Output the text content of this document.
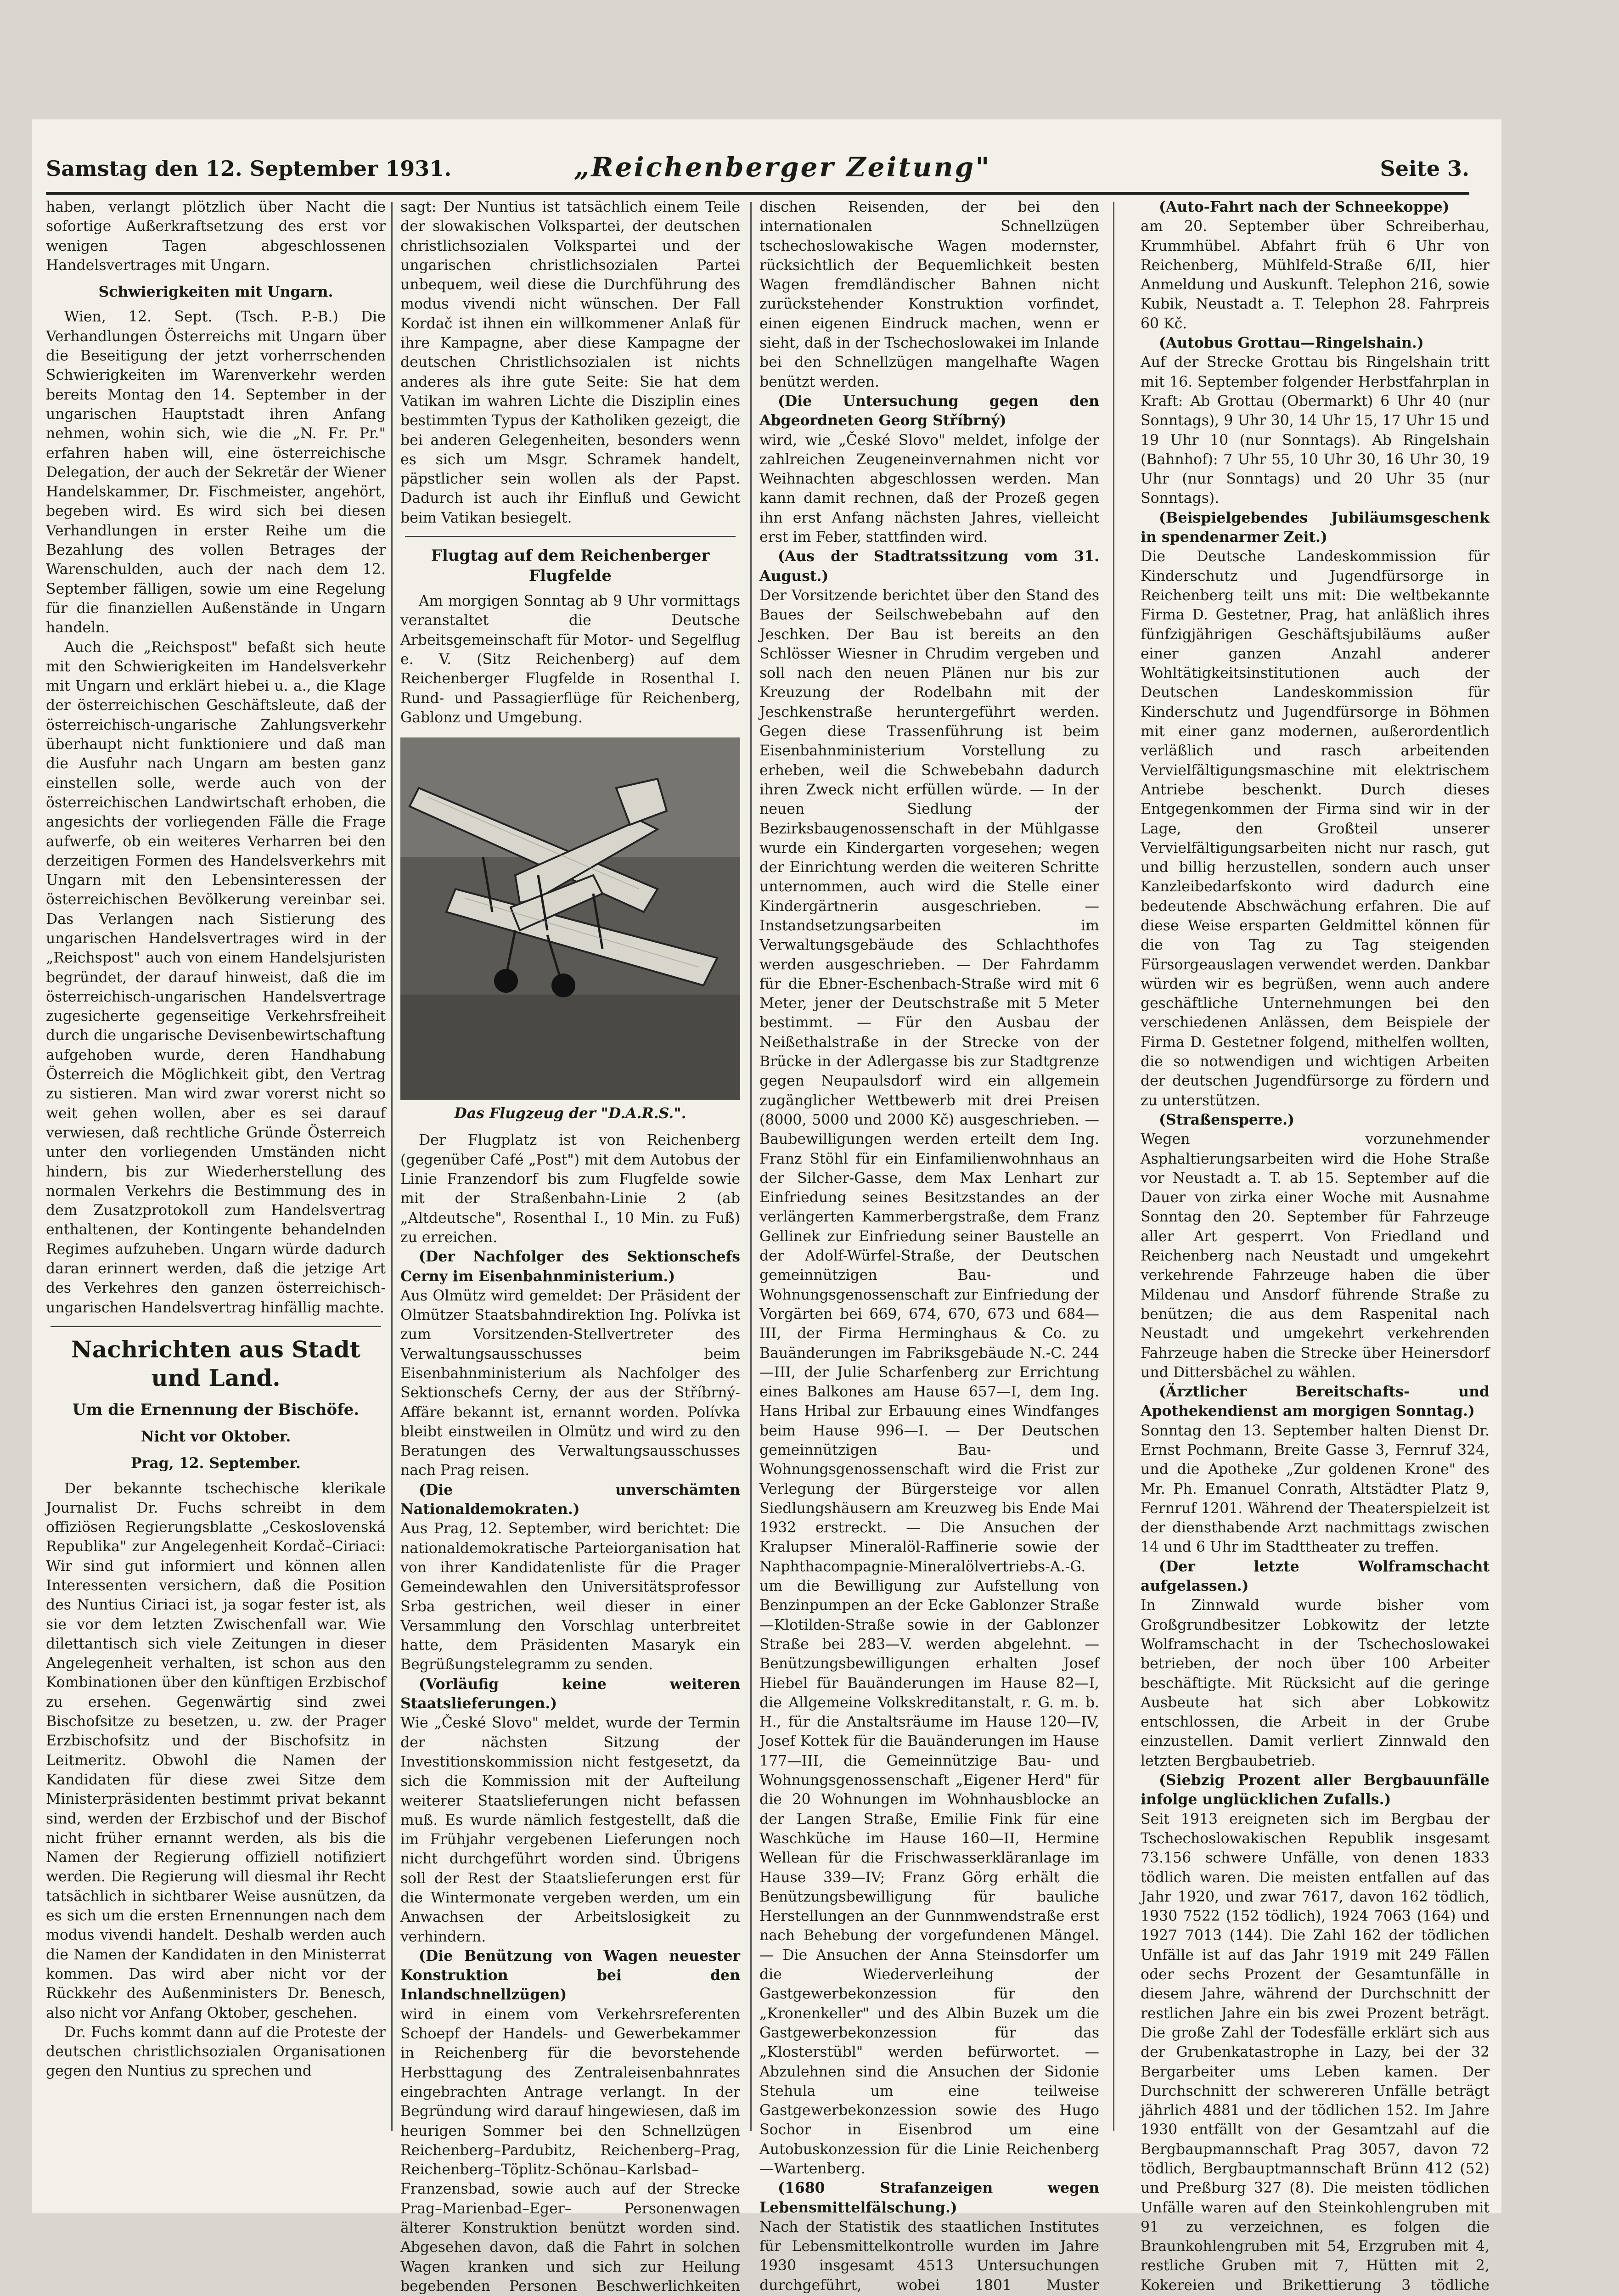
Samstag den 12. September 1931.	„Reichenberger Zeitung"	Seite 3.

haben, verlangt plötzlich über Nacht die sofortige Außerkraftsetzung des erst vor wenigen Tagen abgeschlossenen Handelsvertrages mit Ungarn.

Schwierigkeiten mit Ungarn.

Wien, 12. Sept. (Tsch. P.-B.) Die Verhandlungen Österreichs mit Ungarn über die Beseitigung der jetzt vorherrschenden Schwierigkeiten im Warenverkehr werden bereits Montag den 14. September in der ungarischen Hauptstadt ihren Anfang nehmen, wohin sich, wie die „N. Fr. Pr." erfahren haben will, eine österreichische Delegation, der auch der Sekretär der Wiener Handelskammer, Dr. Fischmeister, angehört, begeben wird. Es wird sich bei diesen Verhandlungen in erster Reihe um die Bezahlung des vollen Betrages der Warenschulden, auch der nach dem 12. September fälligen, sowie um eine Regelung für die finanziellen Außenstände in Ungarn handeln.

Auch die „Reichspost" befaßt sich heute mit den Schwierigkeiten im Handelsverkehr mit Ungarn und erklärt hiebei u. a., die Klage der österreichischen Geschäftsleute, daß der österreichisch-ungarische Zahlungsverkehr überhaupt nicht funktioniere und daß man die Ausfuhr nach Ungarn am besten ganz einstellen solle, werde auch von der österreichischen Landwirtschaft erhoben, die angesichts der vorliegenden Fälle die Frage aufwerfe, ob ein weiteres Verharren bei den derzeitigen Formen des Handelsverkehrs mit Ungarn mit den Lebensinteressen der österreichischen Bevölkerung vereinbar sei. Das Verlangen nach Sistierung des ungarischen Handelsvertrages wird in der „Reichspost" auch von einem Handelsjuristen begründet, der darauf hinweist, daß die im österreichisch-ungarischen Handelsvertrage zugesicherte gegenseitige Verkehrsfreiheit durch die ungarische Devisenbewirtschaftung aufgehoben wurde, deren Handhabung Österreich die Möglichkeit gibt, den Vertrag zu sistieren. Man wird zwar vorerst nicht so weit gehen wollen, aber es sei darauf verwiesen, daß rechtliche Gründe Österreich unter den vorliegenden Umständen nicht hindern, bis zur Wiederherstellung des normalen Verkehrs die Bestimmung des in dem Zusatzprotokoll zum Handelsvertrag enthaltenen, der Kontingente behandelnden Regimes aufzuheben. Ungarn würde dadurch daran erinnert werden, daß die jetzige Art des Verkehres den ganzen österreichisch-ungarischen Handelsvertrag hinfällig machte.

Nachrichten aus Stadt und Land.
Um die Ernennung der Bischöfe.
Nicht vor Oktober.
Prag, 12. September.

Der bekannte tschechische klerikale Journalist Dr. Fuchs schreibt in dem offiziösen Regierungsblatte „Ceskoslovenská Republika" zur Angelegenheit Kordač–Ciriaci: Wir sind gut informiert und können allen Interessenten versichern, daß die Position des Nuntius Ciriaci ist, ja sogar fester ist, als sie vor dem letzten Zwischenfall war. Wie dilettantisch sich viele Zeitungen in dieser Angelegenheit verhalten, ist schon aus den Kombinationen über den künftigen Erzbischof zu ersehen. Gegenwärtig sind zwei Bischofsitze zu besetzen, u. zw. der Prager Erzbischofsitz und der Bischofsitz in Leitmeritz. Obwohl die Namen der Kandidaten für diese zwei Sitze dem Ministerpräsidenten bestimmt privat bekannt sind, werden der Erzbischof und der Bischof nicht früher ernannt werden, als bis die Namen der Regierung offiziell notifiziert werden. Die Regierung will diesmal ihr Recht tatsächlich in sichtbarer Weise ausnützen, da es sich um die ersten Ernennungen nach dem modus vivendi handelt. Deshalb werden auch die Namen der Kandidaten in den Ministerrat kommen. Das wird aber nicht vor der Rückkehr des Außenministers Dr. Benesch, also nicht vor Anfang Oktober, geschehen.

Dr. Fuchs kommt dann auf die Proteste der deutschen christlichsozialen Organisationen gegen den Nuntius zu sprechen und

sagt: Der Nuntius ist tatsächlich einem Teile der slowakischen Volkspartei, der deutschen christlichsozialen Volkspartei und der ungarischen christlichsozialen Partei unbequem, weil diese die Durchführung des modus vivendi nicht wünschen. Der Fall Kordač ist ihnen ein willkommener Anlaß für ihre Kampagne, aber diese Kampagne der deutschen Christlichsozialen ist nichts anderes als ihre gute Seite: Sie hat dem Vatikan im wahren Lichte die Disziplin eines bestimmten Typus der Katholiken gezeigt, die bei anderen Gelegenheiten, besonders wenn es sich um Msgr. Schramek handelt, päpstlicher sein wollen als der Papst. Dadurch ist auch ihr Einfluß und Gewicht beim Vatikan besiegelt.

Flugtag auf dem Reichenberger Flugfelde

Am morgigen Sonntag ab 9 Uhr vormittags veranstaltet die Deutsche Arbeitsgemeinschaft für Motor- und Segelflug e. V. (Sitz Reichenberg) auf dem Reichenberger Flugfelde in Rosenthal I. Rund- und Passagierflüge für Reichenberg, Gablonz und Umgebung.

Das Flugzeug der "D.A.R.S.".

Der Flugplatz ist von Reichenberg (gegenüber Café „Post") mit dem Autobus der Linie Franzendorf bis zum Flugfelde sowie mit der Straßenbahn-Linie 2 (ab „Altdeutsche", Rosenthal I., 10 Min. zu Fuß) zu erreichen.

(Der Nachfolger des Sektionschefs Cerny im Eisenbahnministerium.)

Aus Olmütz wird gemeldet: Der Präsident der Olmützer Staatsbahndirektion Ing. Polívka ist zum Vorsitzenden-Stellvertreter des Verwaltungsausschusses beim Eisenbahnministerium als Nachfolger des Sektionschefs Cerny, der aus der Stříbrný-Affäre bekannt ist, ernannt worden. Polívka bleibt einstweilen in Olmütz und wird zu den Beratungen des Verwaltungsausschusses nach Prag reisen.

(Die unverschämten Nationaldemokraten.)

Aus Prag, 12. September, wird berichtet: Die nationaldemokratische Parteiorganisation hat von ihrer Kandidatenliste für die Prager Gemeindewahlen den Universitätsprofessor Srba gestrichen, weil dieser in einer Versammlung den Vorschlag unterbreitet hatte, dem Präsidenten Masaryk ein Begrüßungstelegramm zu senden.

(Vorläufig keine weiteren Staatslieferungen.)

Wie „České Slovo" meldet, wurde der Termin der nächsten Sitzung der Investitionskommission nicht festgesetzt, da sich die Kommission mit der Aufteilung weiterer Staatslieferungen nicht befassen muß. Es wurde nämlich festgestellt, daß die im Frühjahr vergebenen Lieferungen noch nicht durchgeführt worden sind. Übrigens soll der Rest der Staatslieferungen erst für die Wintermonate vergeben werden, um ein Anwachsen der Arbeitslosigkeit zu verhindern.

(Die Benützung von Wagen neuester Konstruktion bei den Inlandschnellzügen)

wird in einem vom Verkehrsreferenten Schoepf der Handels- und Gewerbekammer in Reichenberg für die bevorstehende Herbsttagung des Zentraleisenbahnrates eingebrachten Antrage verlangt. In der Begründung wird darauf hingewiesen, daß im heurigen Sommer bei den Schnellzügen Reichenberg–Pardubitz, Reichenberg–Prag, Reichenberg–Töplitz-Schönau–Karlsbad–Franzensbad, sowie auch auf der Strecke Prag–Marienbad–Eger– Personenwagen älterer Konstruktion benützt worden sind. Abgesehen davon, daß die Fahrt in solchen Wagen kranken und sich zur Heilung begebenden Personen Beschwerlichkeiten

dischen Reisenden, der bei den internationalen Schnellzügen tschechoslowakische Wagen modernster, rücksichtlich der Bequemlichkeit besten Wagen fremdländischer Bahnen nicht zurückstehender Konstruktion vorfindet, einen eigenen Eindruck machen, wenn er sieht, daß in der Tschechoslowakei im Inlande bei den Schnellzügen mangelhafte Wagen benützt werden.

(Die Untersuchung gegen den Abgeordneten Georg Stříbrný)

wird, wie „České Slovo" meldet, infolge der zahlreichen Zeugeneinvernahmen nicht vor Weihnachten abgeschlossen werden. Man kann damit rechnen, daß der Prozeß gegen ihn erst Anfang nächsten Jahres, vielleicht erst im Feber, stattfinden wird.

(Aus der Stadtratssitzung vom 31. August.)

Der Vorsitzende berichtet über den Stand des Baues der Seilschwebebahn auf den Jeschken. Der Bau ist bereits an den Schlösser Wiesner in Chrudim vergeben und soll nach den neuen Plänen nur bis zur Kreuzung der Rodelbahn mit der Jeschkenstraße heruntergeführt werden. Gegen diese Trassenführung ist beim Eisenbahnministerium Vorstellung zu erheben, weil die Schwebebahn dadurch ihren Zweck nicht erfüllen würde. — In der neuen Siedlung der Bezirksbaugenossenschaft in der Mühlgasse wurde ein Kindergarten vorgesehen; wegen der Einrichtung werden die weiteren Schritte unternommen, auch wird die Stelle einer Kindergärtnerin ausgeschrieben. — Instandsetzungsarbeiten im Verwaltungsgebäude des Schlachthofes werden ausgeschrieben. — Der Fahrdamm für die Ebner-Eschenbach-Straße wird mit 6 Meter, jener der Deutschstraße mit 5 Meter bestimmt. — Für den Ausbau der Neißethalstraße in der Strecke von der Brücke in der Adlergasse bis zur Stadtgrenze gegen Neupaulsdorf wird ein allgemein zugänglicher Wettbewerb mit drei Preisen (8000, 5000 und 2000 Kč) ausgeschrieben. — Baubewilligungen werden erteilt dem Ing. Franz Stöhl für ein Einfamilienwohnhaus an der Silcher-Gasse, dem Max Lenhart zur Einfriedung seines Besitzstandes an der verlängerten Kammerbergstraße, dem Franz Gellinek zur Einfriedung seiner Baustelle an der Adolf-Würfel-Straße, der Deutschen gemeinnützigen Bau- und Wohnungsgenossenschaft zur Einfriedung der Vorgärten bei 669, 674, 670, 673 und 684—III, der Firma Herminghaus & Co. zu Bauänderungen im Fabriksgebäude N.-C. 244—III, der Julie Scharfenberg zur Errichtung eines Balkones am Hause 657—I, dem Ing. Hans Hribal zur Erbauung eines Windfanges beim Hause 996—I. — Der Deutschen gemeinnützigen Bau- und Wohnungsgenossenschaft wird die Frist zur Verlegung der Bürgersteige vor allen Siedlungshäusern am Kreuzweg bis Ende Mai 1932 erstreckt. — Die Ansuchen der Kralupser Mineralöl-Raffinerie sowie der Naphthacompagnie-Mineralölvertriebs-A.-G. um die Bewilligung zur Aufstellung von Benzinpumpen an der Ecke Gablonzer Straße—Klotilden-Straße sowie in der Gablonzer Straße bei 283—V. werden abgelehnt. — Benützungsbewilligungen erhalten Josef Hiebel für Bauänderungen im Hause 82—I, die Allgemeine Volkskreditanstalt, r. G. m. b. H., für die Anstaltsräume im Hause 120—IV, Josef Kottek für die Bauänderungen im Hause 177—III, die Gemeinnützige Bau- und Wohnungsgenossenschaft „Eigener Herd" für die 20 Wohnungen im Wohnhausblocke an der Langen Straße, Emilie Fink für eine Waschküche im Hause 160—II, Hermine Wellean für die Frischwasserkläranlage im Hause 339—IV; Franz Görg erhält die Benützungsbewilligung für bauliche Herstellungen an der Gunnmwendstraße erst nach Behebung der vorgefundenen Mängel. — Die Ansuchen der Anna Steinsdorfer um die Wiederverleihung der Gastgewerbekonzession für den „Kronenkeller" und des Albin Buzek um die Gastgewerbekonzession für das „Klosterstübl" werden befürwortet. — Abzulehnen sind die Ansuchen der Sidonie Stehula um eine teilweise Gastgewerbekonzession sowie des Hugo Sochor in Eisenbrod um eine Autobuskonzession für die Linie Reichenberg—Wartenberg.

(1680 Strafanzeigen wegen Lebensmittelfälschung.)

Nach der Statistik des staatlichen Institutes für Lebensmittelkontrolle wurden im Jahre 1930 insgesamt 4513 Untersuchungen durchgeführt, wobei 1801 Muster

(Auto-Fahrt nach der Schneekoppe)

am 20. September über Schreiberhau, Krummhübel. Abfahrt früh 6 Uhr von Reichenberg, Mühlfeld-Straße 6/II, hier Anmeldung und Auskunft. Telephon 216, sowie Kubik, Neustadt a. T. Telephon 28. Fahrpreis 60 Kč.

(Autobus Grottau—Ringelshain.)

Auf der Strecke Grottau bis Ringelshain tritt mit 16. September folgender Herbstfahrplan in Kraft: Ab Grottau (Obermarkt) 6 Uhr 40 (nur Sonntags), 9 Uhr 30, 14 Uhr 15, 17 Uhr 15 und 19 Uhr 10 (nur Sonntags). Ab Ringelshain (Bahnhof): 7 Uhr 55, 10 Uhr 30, 16 Uhr 30, 19 Uhr (nur Sonntags) und 20 Uhr 35 (nur Sonntags).

(Beispielgebendes Jubiläumsgeschenk in spendenarmer Zeit.)

Die Deutsche Landeskommission für Kinderschutz und Jugendfürsorge in Reichenberg teilt uns mit: Die weltbekannte Firma D. Gestetner, Prag, hat anläßlich ihres fünfzigjährigen Geschäftsjubiläums außer einer ganzen Anzahl anderer Wohltätigkeitsinstitutionen auch der Deutschen Landeskommission für Kinderschutz und Jugendfürsorge in Böhmen mit einer ganz modernen, außerordentlich verläßlich und rasch arbeitenden Vervielfältigungsmaschine mit elektrischem Antriebe beschenkt. Durch dieses Entgegenkommen der Firma sind wir in der Lage, den Großteil unserer Vervielfältigungsarbeiten nicht nur rasch, gut und billig herzustellen, sondern auch unser Kanzleibedarfskonto wird dadurch eine bedeutende Abschwächung erfahren. Die auf diese Weise ersparten Geldmittel können für die von Tag zu Tag steigenden Fürsorgeauslagen verwendet werden. Dankbar würden wir es begrüßen, wenn auch andere geschäftliche Unternehmungen bei den verschiedenen Anlässen, dem Beispiele der Firma D. Gestetner folgend, mithelfen wollten, die so notwendigen und wichtigen Arbeiten der deutschen Jugendfürsorge zu fördern und zu unterstützen.

(Straßensperre.)

Wegen vorzunehmender Asphaltierungsarbeiten wird die Hohe Straße vor Neustadt a. T. ab 15. September auf die Dauer von zirka einer Woche mit Ausnahme Sonntag den 20. September für Fahrzeuge aller Art gesperrt. Von Friedland und Reichenberg nach Neustadt und umgekehrt verkehrende Fahrzeuge haben die über Mildenau und Ansdorf führende Straße zu benützen; die aus dem Raspenital nach Neustadt und umgekehrt verkehrenden Fahrzeuge haben die Strecke über Heinersdorf und Dittersbächel zu wählen.

(Ärztlicher Bereitschafts- und Apothekendienst am morgigen Sonntag.)

Sonntag den 13. September halten Dienst Dr. Ernst Pochmann, Breite Gasse 3, Fernruf 324, und die Apotheke „Zur goldenen Krone" des Mr. Ph. Emanuel Conrath, Altstädter Platz 9, Fernruf 1201. Während der Theaterspielzeit ist der diensthabende Arzt nachmittags zwischen 14 und 6 Uhr im Stadttheater zu treffen.

(Der letzte Wolframschacht aufgelassen.)

In Zinnwald wurde bisher vom Großgrundbesitzer Lobkowitz der letzte Wolframschacht in der Tschechoslowakei betrieben, der noch über 100 Arbeiter beschäftigte. Mit Rücksicht auf die geringe Ausbeute hat sich aber Lobkowitz entschlossen, die Arbeit in der Grube einzustellen. Damit verliert Zinnwald den letzten Bergbaubetrieb.

(Siebzig Prozent aller Bergbauunfälle infolge unglücklichen Zufalls.)

Seit 1913 ereigneten sich im Bergbau der Tschechoslowakischen Republik insgesamt 73.156 schwere Unfälle, von denen 1833 tödlich waren. Die meisten entfallen auf das Jahr 1920, und zwar 7617, davon 162 tödlich, 1930 7522 (152 tödlich), 1924 7063 (164) und 1927 7013 (144). Die Zahl 162 der tödlichen Unfälle ist auf das Jahr 1919 mit 249 Fällen oder sechs Prozent der Gesamtunfälle in diesem Jahre, während der Durchschnitt der restlichen Jahre ein bis zwei Prozent beträgt. Die große Zahl der Todesfälle erklärt sich aus der Grubenkatastrophe in Lazy, bei der 32 Bergarbeiter ums Leben kamen. Der Durchschnitt der schwereren Unfälle beträgt jährlich 4881 und der tödlichen 152. Im Jahre 1930 entfällt von der Gesamtzahl auf die Bergbaupmannschaft Prag 3057, davon 72 tödlich, Bergbauptmannschaft Brünn 412 (52) und Preßburg 327 (8). Die meisten tödlichen Unfälle waren auf den Steinkohlengruben mit 91 zu verzeichnen, es folgen die Braunkohlengruben mit 54, Erzgruben mit 4, restliche Gruben mit 7, Hütten mit 2, Kokereien und Brikettierung 3 tödliche
